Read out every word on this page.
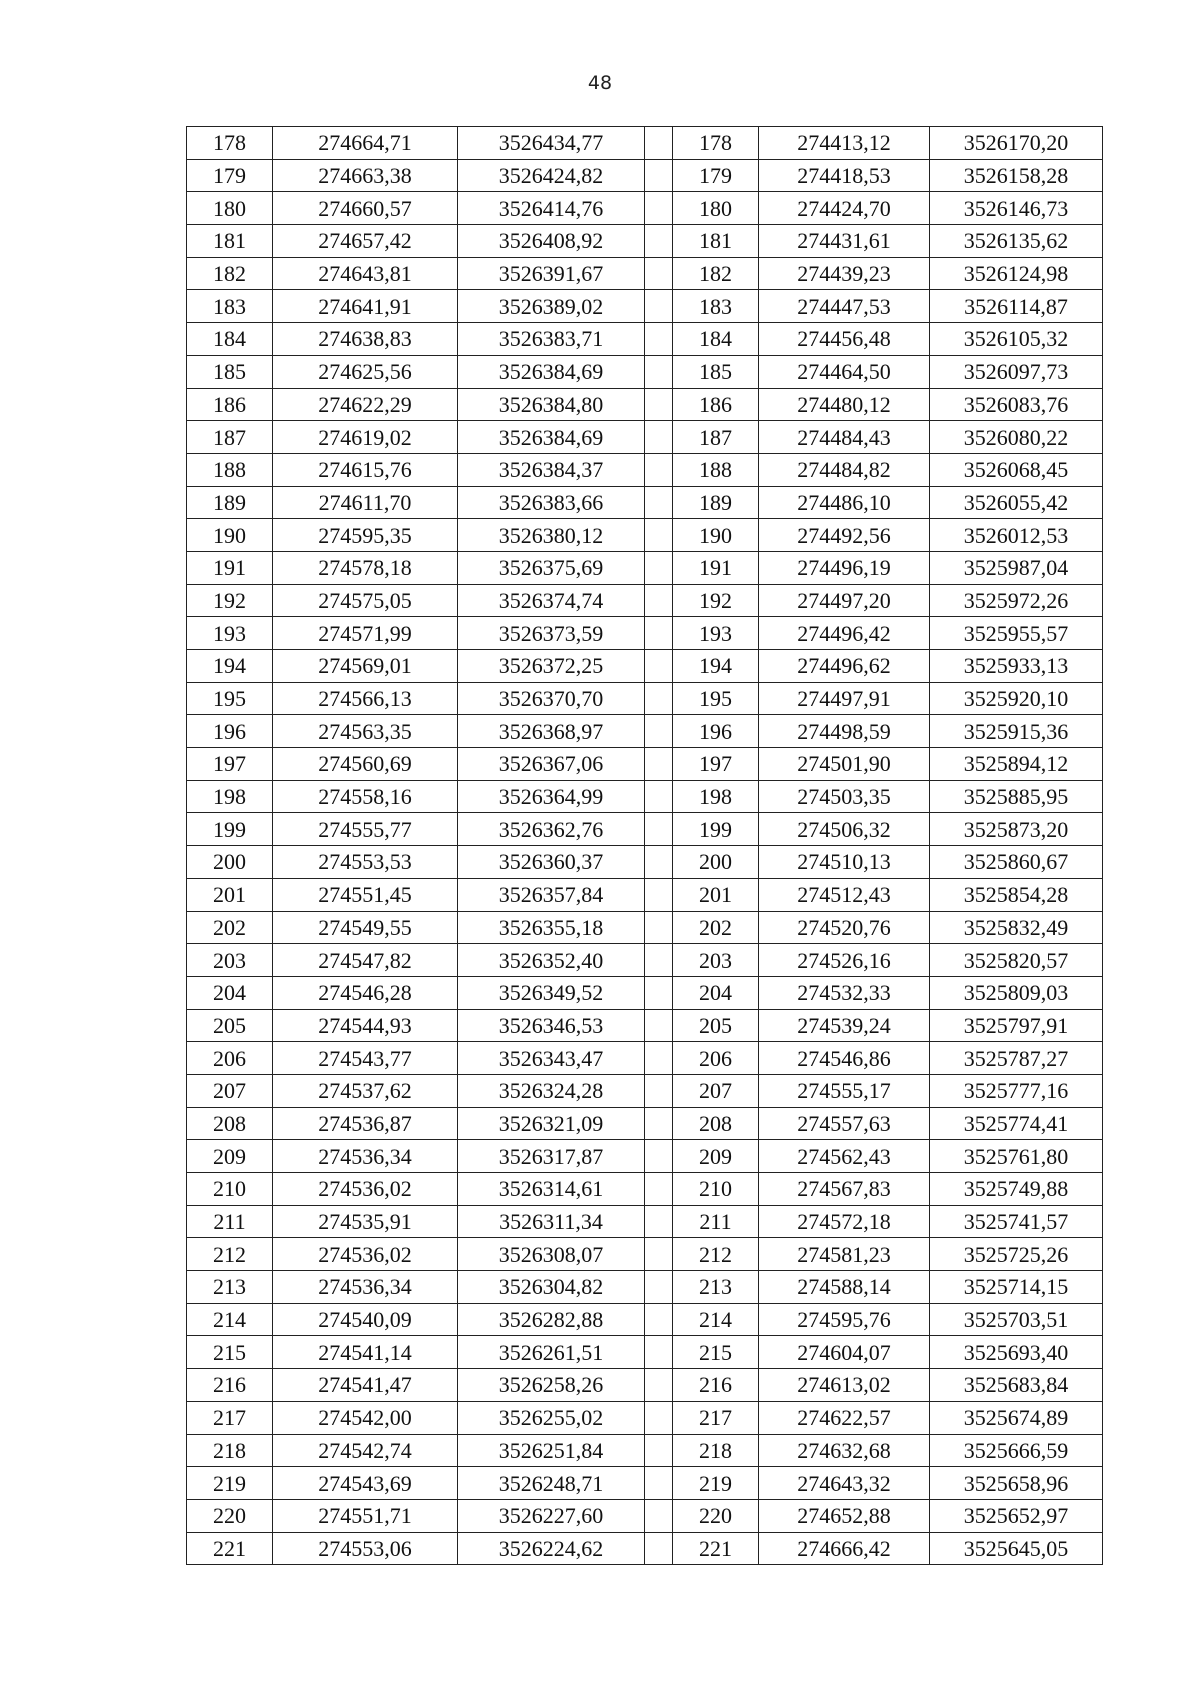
48
178	274664,71	3526434,77		178	274413,12	3526170,20
179	274663,38	3526424,82		179	274418,53	3526158,28
180	274660,57	3526414,76		180	274424,70	3526146,73
181	274657,42	3526408,92		181	274431,61	3526135,62
182	274643,81	3526391,67		182	274439,23	3526124,98
183	274641,91	3526389,02		183	274447,53	3526114,87
184	274638,83	3526383,71		184	274456,48	3526105,32
185	274625,56	3526384,69		185	274464,50	3526097,73
186	274622,29	3526384,80		186	274480,12	3526083,76
187	274619,02	3526384,69		187	274484,43	3526080,22
188	274615,76	3526384,37		188	274484,82	3526068,45
189	274611,70	3526383,66		189	274486,10	3526055,42
190	274595,35	3526380,12		190	274492,56	3526012,53
191	274578,18	3526375,69		191	274496,19	3525987,04
192	274575,05	3526374,74		192	274497,20	3525972,26
193	274571,99	3526373,59		193	274496,42	3525955,57
194	274569,01	3526372,25		194	274496,62	3525933,13
195	274566,13	3526370,70		195	274497,91	3525920,10
196	274563,35	3526368,97		196	274498,59	3525915,36
197	274560,69	3526367,06		197	274501,90	3525894,12
198	274558,16	3526364,99		198	274503,35	3525885,95
199	274555,77	3526362,76		199	274506,32	3525873,20
200	274553,53	3526360,37		200	274510,13	3525860,67
201	274551,45	3526357,84		201	274512,43	3525854,28
202	274549,55	3526355,18		202	274520,76	3525832,49
203	274547,82	3526352,40		203	274526,16	3525820,57
204	274546,28	3526349,52		204	274532,33	3525809,03
205	274544,93	3526346,53		205	274539,24	3525797,91
206	274543,77	3526343,47		206	274546,86	3525787,27
207	274537,62	3526324,28		207	274555,17	3525777,16
208	274536,87	3526321,09		208	274557,63	3525774,41
209	274536,34	3526317,87		209	274562,43	3525761,80
210	274536,02	3526314,61		210	274567,83	3525749,88
211	274535,91	3526311,34		211	274572,18	3525741,57
212	274536,02	3526308,07		212	274581,23	3525725,26
213	274536,34	3526304,82		213	274588,14	3525714,15
214	274540,09	3526282,88		214	274595,76	3525703,51
215	274541,14	3526261,51		215	274604,07	3525693,40
216	274541,47	3526258,26		216	274613,02	3525683,84
217	274542,00	3526255,02		217	274622,57	3525674,89
218	274542,74	3526251,84		218	274632,68	3525666,59
219	274543,69	3526248,71		219	274643,32	3525658,96
220	274551,71	3526227,60		220	274652,88	3525652,97
221	274553,06	3526224,62		221	274666,42	3525645,05
